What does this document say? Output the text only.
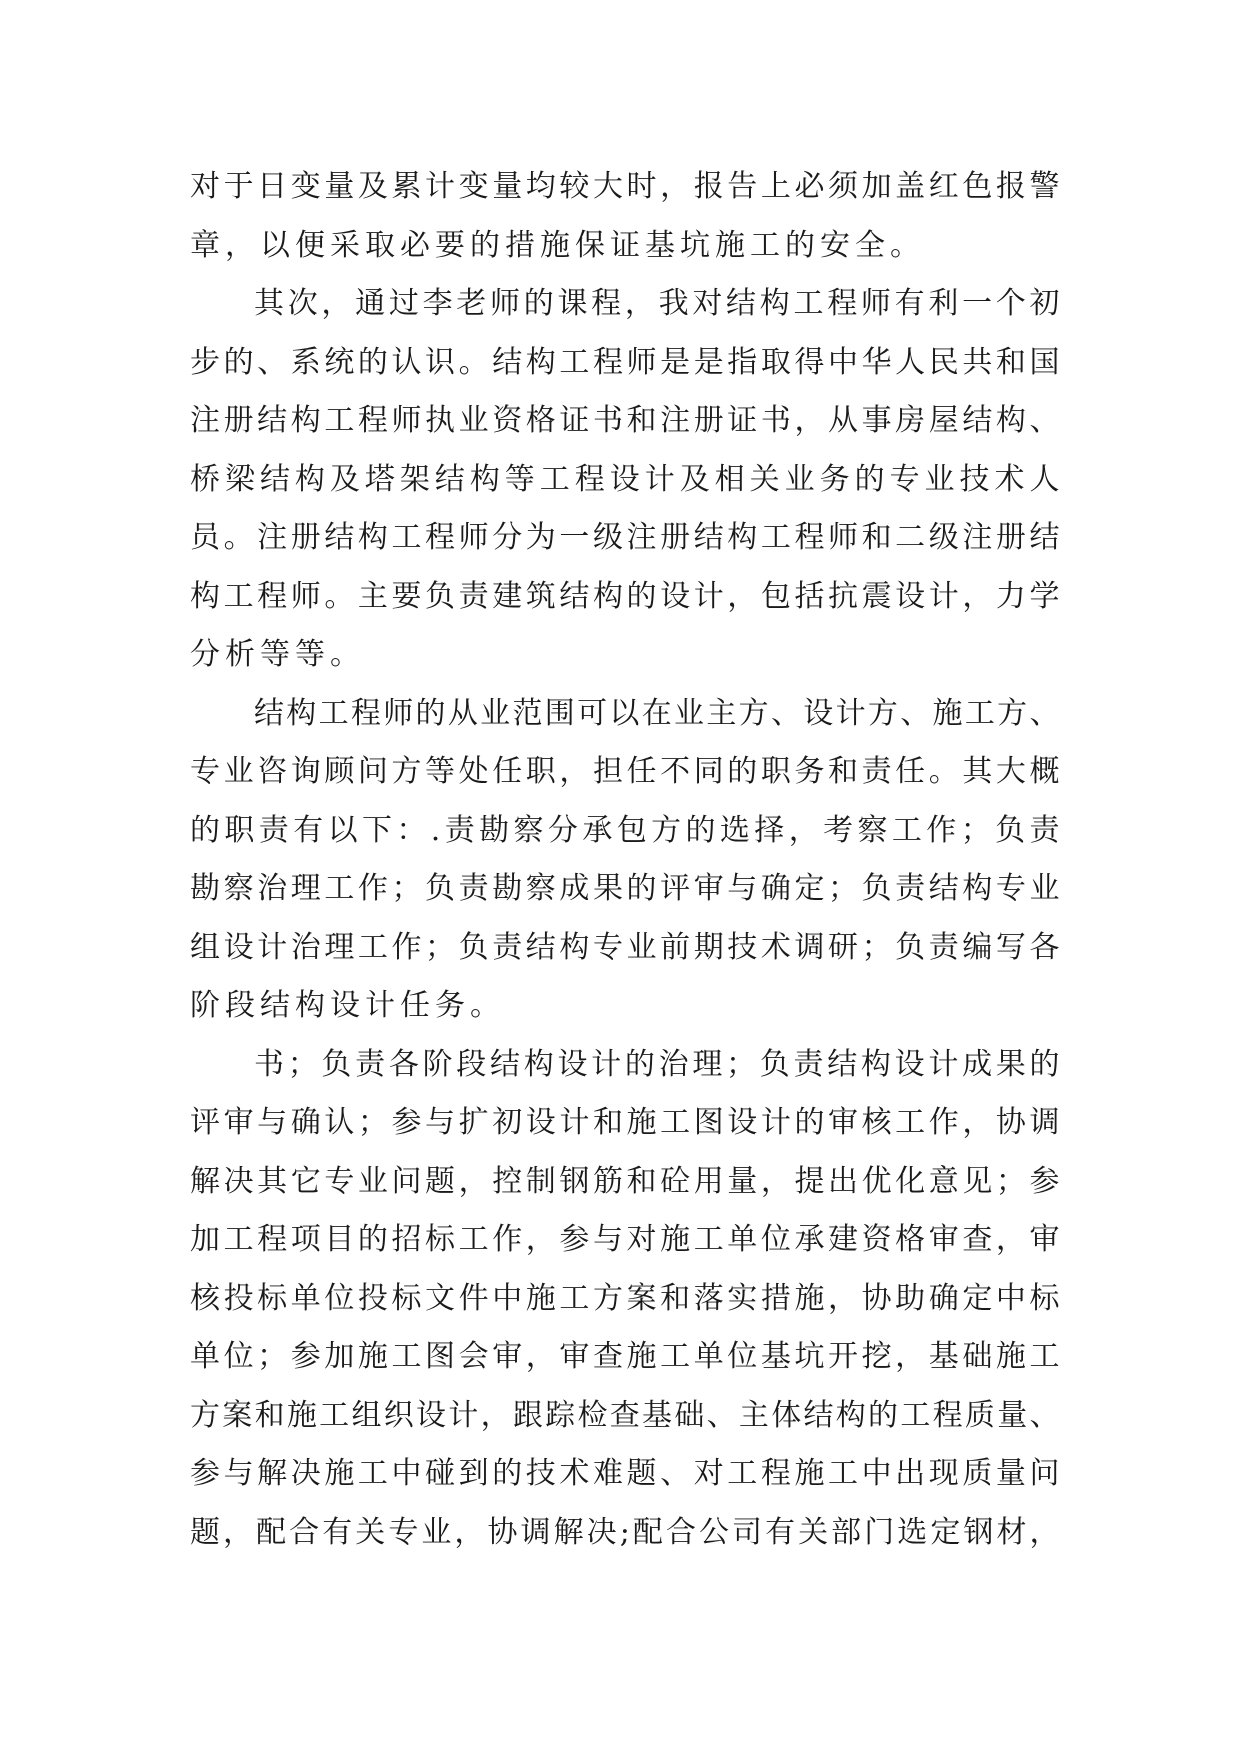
对于日变量及累计变量均较大时，报告上必须加盖红色报警
章，以便采取必要的措施保证基坑施工的安全。
其次，通过李老师的课程，我对结构工程师有利一个初
步的、系统的认识。结构工程师是是指取得中华人民共和国
注册结构工程师执业资格证书和注册证书，从事房屋结构、
桥梁结构及塔架结构等工程设计及相关业务的专业技术人
员。注册结构工程师分为一级注册结构工程师和二级注册结
构工程师。主要负责建筑结构的设计，包括抗震设计，力学
分析等等。
结构工程师的从业范围可以在业主方、设计方、施工方、
专业咨询顾问方等处任职，担任不同的职务和责任。其大概
的职责有以下：.责勘察分承包方的选择，考察工作；负责
勘察治理工作；负责勘察成果的评审与确定；负责结构专业
组设计治理工作；负责结构专业前期技术调研；负责编写各
阶段结构设计任务。
书；负责各阶段结构设计的治理；负责结构设计成果的
评审与确认；参与扩初设计和施工图设计的审核工作，协调
解决其它专业问题，控制钢筋和砼用量，提出优化意见；参
加工程项目的招标工作，参与对施工单位承建资格审查，审
核投标单位投标文件中施工方案和落实措施，协助确定中标
单位；参加施工图会审，审查施工单位基坑开挖，基础施工
方案和施工组织设计，跟踪检查基础、主体结构的工程质量、
参与解决施工中碰到的技术难题、对工程施工中出现质量问
题，配合有关专业，协调解决;配合公司有关部门选定钢材，
